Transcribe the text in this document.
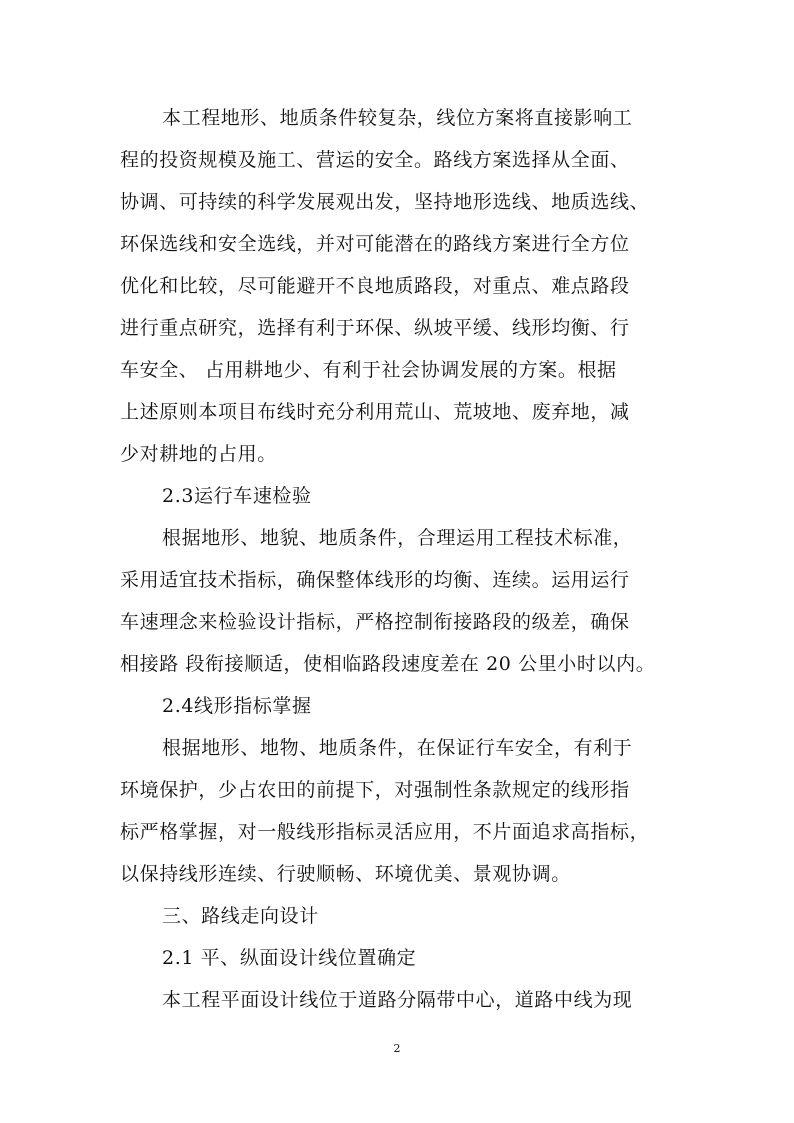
本工程地形、地质条件较复杂，线位方案将直接影响工
程的投资规模及施工、营运的安全。路线方案选择从全面、
协调、可持续的科学发展观出发，坚持地形选线、地质选线、
环保选线和安全选线，并对可能潜在的路线方案进行全方位
优化和比较，尽可能避开不良地质路段，对重点、难点路段
进行重点研究，选择有利于环保、纵坡平缓、线形均衡、行
车安全、 占用耕地少、有利于社会协调发展的方案。根据
上述原则本项目布线时充分利用荒山、荒坡地、废弃地，减
少对耕地的占用。
2.3运行车速检验
根据地形、地貌、地质条件，合理运用工程技术标准，
采用适宜技术指标，确保整体线形的均衡、连续。运用运行
车速理念来检验设计指标，严格控制衔接路段的级差，确保
相接路 段衔接顺适，使相临路段速度差在 20 公里小时以内。
2.4线形指标掌握
根据地形、地物、地质条件，在保证行车安全，有利于
环境保护，少占农田的前提下，对强制性条款规定的线形指
标严格掌握，对一般线形指标灵活应用，不片面追求高指标，
以保持线形连续、行驶顺畅、环境优美、景观协调。
三、路线走向设计
2.1 平、纵面设计线位置确定
本工程平面设计线位于道路分隔带中心，道路中线为现
2
